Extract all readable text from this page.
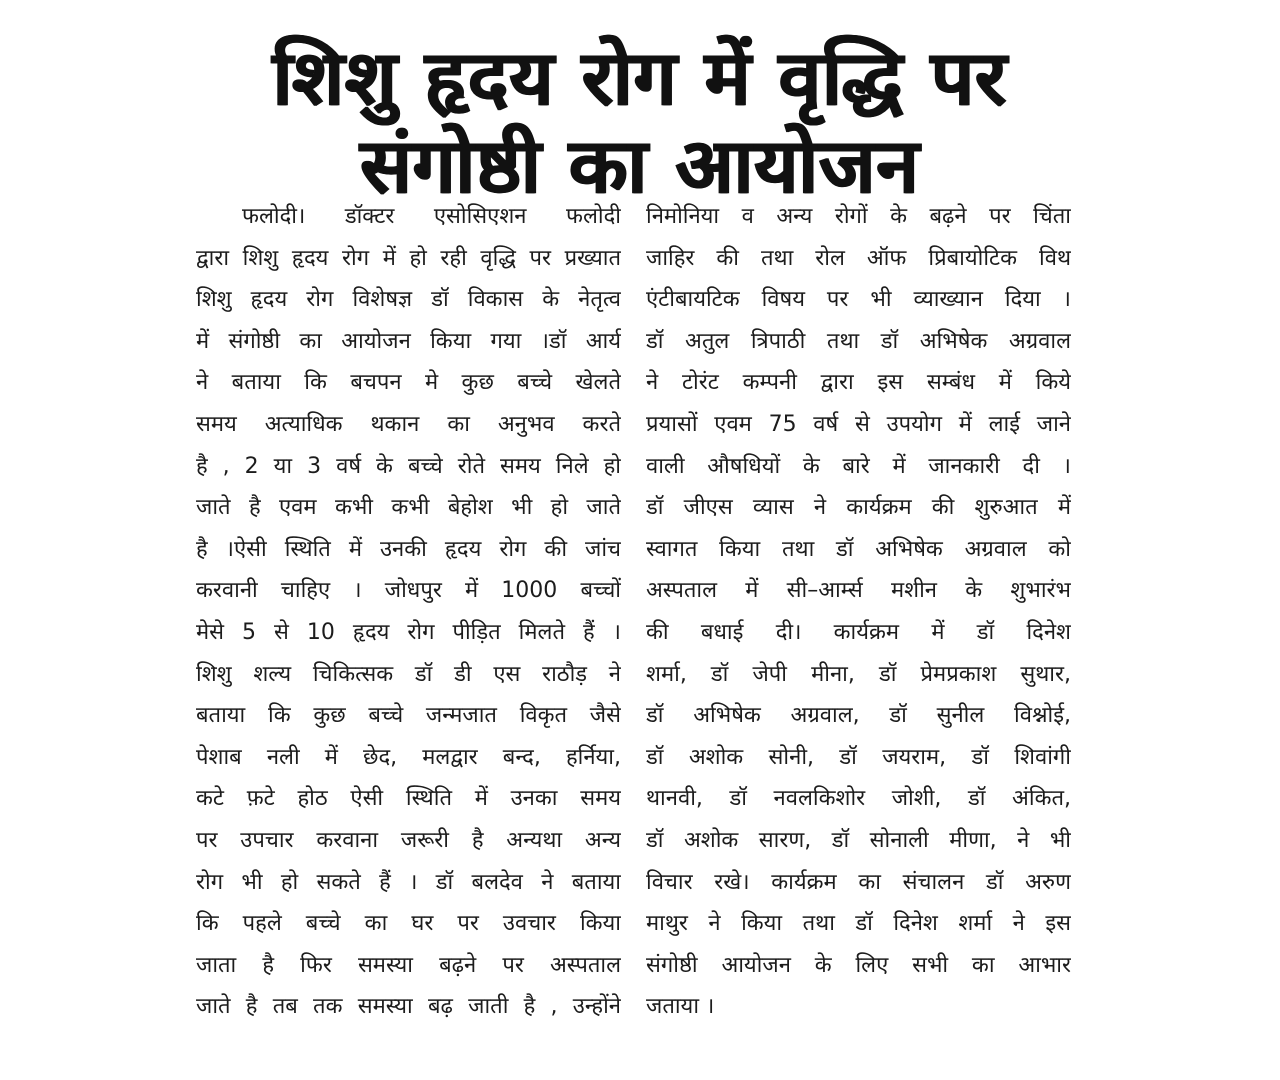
शिशु हृदय रोग में वृद्धि पर
संगोष्ठी का आयोजन
फलोदी। डॉक्टर एसोसिएशन फलोदी
द्वारा शिशु हृदय रोग में हो रही वृद्धि पर प्रख्यात
शिशु हृदय रोग विशेषज्ञ डॉ विकास के नेतृत्व
में संगोष्ठी का आयोजन किया गया ।डॉ आर्य
ने बताया कि बचपन मे कुछ बच्चे खेलते
समय अत्याधिक थकान का अनुभव करते
है , 2 या 3 वर्ष के बच्चे रोते समय निले हो
जाते है एवम कभी कभी बेहोश भी हो जाते
है ।ऐसी स्थिति में उनकी हृदय रोग की जांच
करवानी चाहिए । जोधपुर में 1000 बच्चों
मेसे 5 से 10 हृदय रोग पीड़ित मिलते हैं ।
शिशु शल्य चिकित्सक डॉ डी एस राठौड़ ने
बताया कि कुछ बच्चे जन्मजात विकृत जैसे
पेशाब नली में छेद, मलद्वार बन्द, हर्निया,
कटे फ़टे होठ ऐसी स्थिति में उनका समय
पर उपचार करवाना जरूरी है अन्यथा अन्य
रोग भी हो सकते हैं । डॉ बलदेव ने बताया
कि पहले बच्चे का घर पर उवचार किया
जाता है फिर समस्या बढ़ने पर अस्पताल
जाते है तब तक समस्या बढ़ जाती है , उन्होंने
निमोनिया व अन्य रोगों के बढ़ने पर चिंता
जाहिर की तथा रोल ऑफ प्रिबायोटिक विथ
एंटीबायटिक विषय पर भी व्याख्यान दिया ।
डॉ अतुल त्रिपाठी तथा डॉ अभिषेक अग्रवाल
ने टोरंट कम्पनी द्वारा इस सम्बंध में किये
प्रयासों एवम 75 वर्ष से उपयोग में लाई जाने
वाली औषधियों के बारे में जानकारी दी ।
डॉ जीएस व्यास ने कार्यक्रम की शुरुआत में
स्वागत किया तथा डॉ अभिषेक अग्रवाल को
अस्पताल में सी–आर्म्स मशीन के शुभारंभ
की बधाई दी। कार्यक्रम में डॉ दिनेश
शर्मा, डॉ जेपी मीना, डॉ प्रेमप्रकाश सुथार,
डॉ अभिषेक अग्रवाल, डॉ सुनील विश्नोई,
डॉ अशोक सोनी, डॉ जयराम, डॉ शिवांगी
थानवी, डॉ नवलकिशोर जोशी, डॉ अंकित,
डॉ अशोक सारण, डॉ सोनाली मीणा, ने भी
विचार रखे। कार्यक्रम का संचालन डॉ अरुण
माथुर ने किया तथा डॉ दिनेश शर्मा ने इस
संगोष्ठी आयोजन के लिए सभी का आभार
जताया ।
